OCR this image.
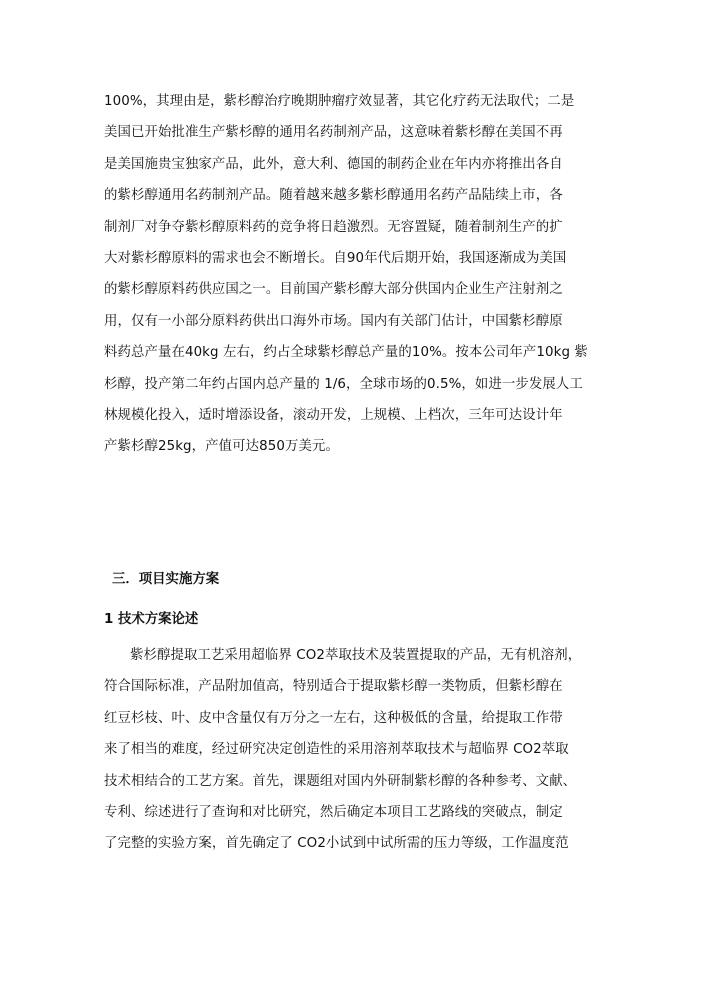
100%，其理由是，紫杉醇治疗晚期肿瘤疗效显著，其它化疗药无法取代；二是
美国已开始批准生产紫杉醇的通用名药制剂产品，这意味着紫杉醇在美国不再
是美国施贵宝独家产品，此外，意大利、德国的制药企业在年内亦将推出各自
的紫杉醇通用名药制剂产品。随着越来越多紫杉醇通用名药产品陆续上市，各
制剂厂对争夺紫杉醇原料药的竞争将日趋激烈。无容置疑，随着制剂生产的扩
大对紫杉醇原料的需求也会不断增长。自90年代后期开始，我国逐渐成为美国
的紫杉醇原料药供应国之一。目前国产紫杉醇大部分供国内企业生产注射剂之
用，仅有一小部分原料药供出口海外市场。国内有关部门估计，中国紫杉醇原
料药总产量在40kg 左右，约占全球紫杉醇总产量的10%。按本公司年产10kg 紫
杉醇，投产第二年约占国内总产量的 1/6，全球市场的0.5%，如进一步发展人工
林规模化投入，适时增添设备，滚动开发，上规模、上档次，三年可达设计年
产紫杉醇25kg，产值可达850万美元。
三．项目实施方案
1 技术方案论述
紫杉醇提取工艺采用超临界 CO2萃取技术及装置提取的产品，无有机溶剂，
符合国际标准，产品附加值高，特别适合于提取紫杉醇一类物质，但紫杉醇在
红豆杉枝、叶、皮中含量仅有万分之一左右，这种极低的含量，给提取工作带
来了相当的难度，经过研究决定创造性的采用溶剂萃取技术与超临界 CO2萃取
技术相结合的工艺方案。首先，课题组对国内外研制紫杉醇的各种参考、文献、
专利、综述进行了查询和对比研究，然后确定本项目工艺路线的突破点，制定
了完整的实验方案，首先确定了 CO2小试到中试所需的压力等级，工作温度范
